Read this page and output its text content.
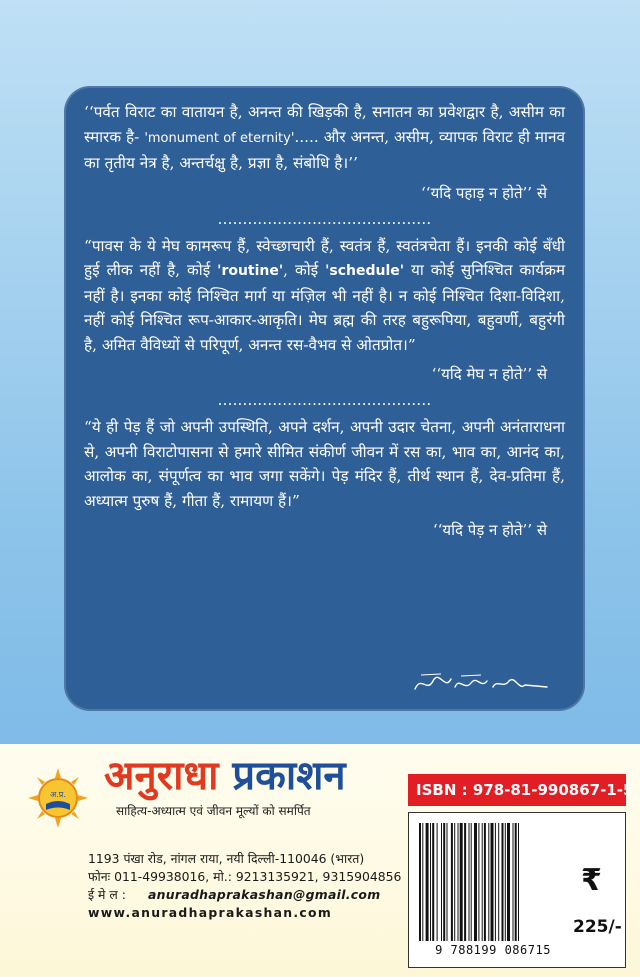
‘‘पर्वत विराट का वातायन है, अनन्त की खिड़की है, सनातन का प्रवेशद्वार है, असीम का स्मारक है- 'monument of eternity'..... और अनन्त, असीम, व्यापक विराट ही मानव का तृतीय नेत्र है, अन्तर्चक्षु है, प्रज्ञा है, संबोधि है।’’

‘‘यदि पहाड़ न होते’’ से
...........................................

“पावस के ये मेघ कामरूप हैं, स्वेच्छाचारी हैं, स्वतंत्र हैं, स्वतंत्रचेता हैं। इनकी कोई बँधी हुई लीक नहीं है, कोई 'routine', कोई 'schedule' या कोई सुनिश्चित कार्यक्रम नहीं है। इनका कोई निश्चित मार्ग या मंज़िल भी नहीं है। न कोई निश्चित दिशा-विदिशा, नहीं कोई निश्चित रूप-आकार-आकृति। मेघ ब्रह्म की तरह बहुरूपिया, बहुवर्णी, बहुरंगी है, अमित वैविध्यों से परिपूर्ण, अनन्त रस-वैभव से ओतप्रोत।”

‘‘यदि मेघ न होते’’ से
...........................................

“ये ही पेड़ हैं जो अपनी उपस्थिति, अपने दर्शन, अपनी उदार चेतना, अपनी अनंताराधना से, अपनी विराटोपासना से हमारे सीमित संकीर्ण जीवन में रस का, भाव का, आनंद का, आलोक का, संपूर्णत्व का भाव जगा सकेंगे। पेड़ मंदिर हैं, तीर्थ स्थान हैं, देव-प्रतिमा हैं, अध्यात्म पुरुष हैं, गीता हैं, रामायण हैं।”

‘‘यदि पेड़ न होते’’ से
अ.प्र. अनुराधा प्रकाशन
साहित्य-अध्यात्म एवं जीवन मूल्यों को समर्पित
1193 पंखा रोड, नांगल राया, नयी दिल्ली-110046 (भारत)
फोनः
011-49938016, मो.: 9213135921, 9315904856
ई मे ल :	anuradhaprakashan@gmail.com
www.anuradhaprakashan.com
ISBN : 978-81-990867-1-5
9 788199 086715
₹
225/-
